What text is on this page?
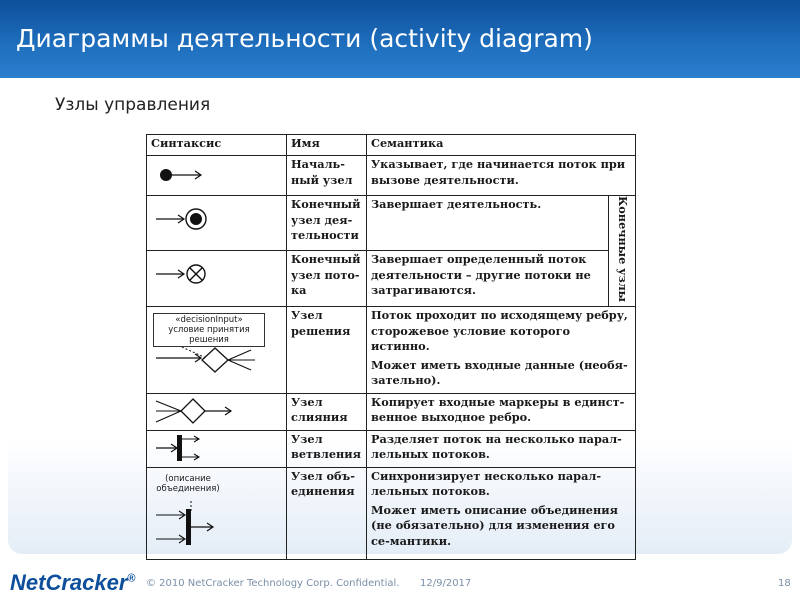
Диаграммы деятельности (activity diagram)
Узлы управления
Синтаксис	Имя	Семантика	

	Началь-ный узел	Указывает, где начинается поток при вызове деятельности.	

	Конечный узел дея-тельности	Завершает деятельность.	Конечные узлы

	Конечный узел пото-ка	Завершает определенный поток деятельности – другие потоки не затрагиваются.	

«decisionInput» условие принятия решения	Узел решения	Поток проходит по исходящему ребру, сторожевое условие которого истинно.

Может иметь входные данные (необя-зательно).	

	Узел слияния	Копирует входные маркеры в единст-венное выходное ребро.	

	Узел ветвления	Разделяет поток на несколько парал-лельных потоков.	

(описание объединения)	Узел объ-единения	Синхронизирует несколько парал-лельных потоков.

Может иметь описание объединения (не обязательно) для изменения его се-мантики.	

NetCracker® © 2010 NetCracker Technology Corp. Confidential. 12/9/2017	18
